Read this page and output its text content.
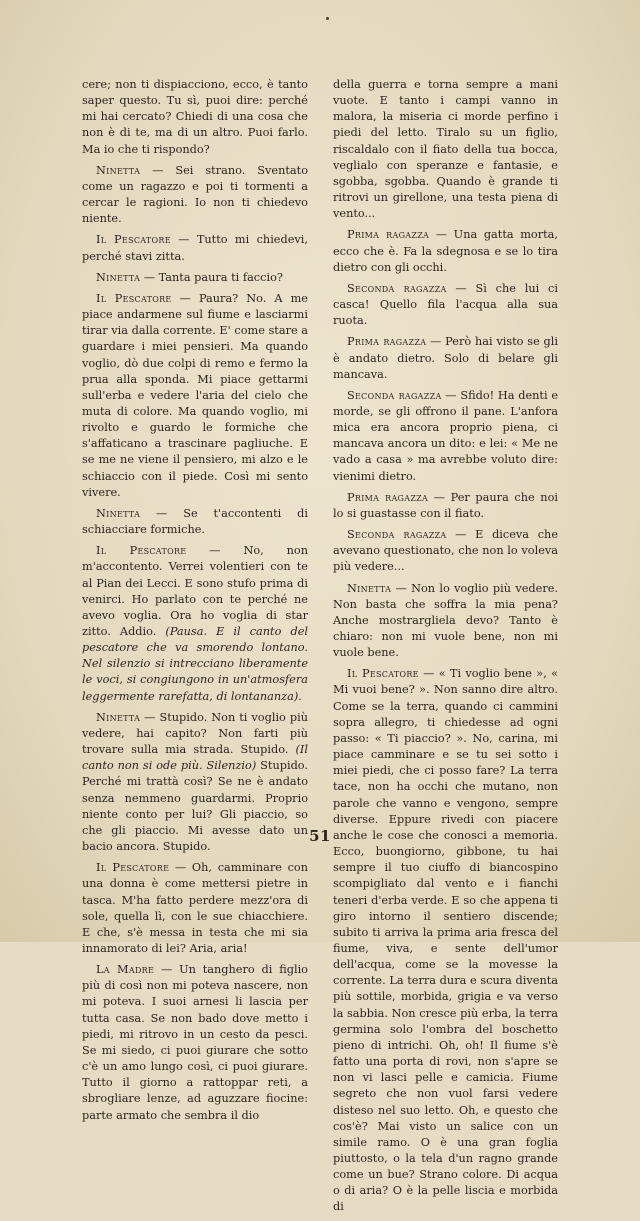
cere; non ti dispiacciono, ecco, è tanto saper questo. Tu sì, puoi dire: perché mi hai cercato? Chiedi di una cosa che non è di te, ma di un altro. Puoi farlo. Ma io che ti rispondo?

Ninetta — Sei strano. Sventato come un ragazzo e poi ti tormenti a cercar le ragioni. Io non ti chiedevo niente.

Il Pescatore — Tutto mi chiedevi, perché stavi zitta.

Ninetta — Tanta paura ti faccio?

Il Pescatore — Paura? No. A me piace andarmene sul fiume e lasciarmi tirar via dalla corrente. E' come stare a guardare i miei pensieri. Ma quando voglio, dò due colpi di remo e fermo la prua alla sponda. Mi piace gettarmi sull'erba e vedere l'aria del cielo che muta di colore. Ma quando voglio, mi rivolto e guardo le formiche che s'affaticano a trascinare pagliuche. E se me ne viene il pensiero, mi alzo e le schiaccio con il piede. Così mi sento vivere.

Ninetta — Se t'accontenti di schiacciare formiche.

Il Pescatore — No, non m'accontento. Verrei volentieri con te al Pian dei Lecci. E sono stufo prima di venirci. Ho parlato con te perché ne avevo voglia. Ora ho voglia di star zitto. Addio. (Pausa. E il canto del pescatore che va smorendo lontano. Nel silenzio si intrecciano liberamente le voci, si congiungono in un'atmosfera leggermente rarefatta, di lontananza).

Ninetta — Stupido. Non ti voglio più vedere, hai capito? Non farti più trovare sulla mia strada. Stupido. (Il canto non si ode più. Silenzio) Stupido. Perché mi trattà così? Se ne è andato senza nemmeno guardarmi. Proprio niente conto per lui? Gli piaccio, so che gli piaccio. Mi avesse dato un bacio ancora. Stupido.

Il Pescatore — Oh, camminare con una donna è come mettersi pietre in tasca. M'ha fatto perdere mezz'ora di sole, quella lì, con le sue chiacchiere. E che, s'è messa in testa che mi sia innamorato di lei? Aria, aria!

La Madre — Un tanghero di figlio più di così non mi poteva nascere, non mi poteva. I suoi arnesi li lascia per tutta casa. Se non bado dove metto i piedi, mi ritrovo in un cesto da pesci. Se mi siedo, ci puoi giurare che sotto c'è un amo lungo così, ci puoi giurare. Tutto il giorno a rattoppar reti, a sbrogliare lenze, ad aguzzare fiocine: parte armato che sembra il dio

della guerra e torna sempre a mani vuote. E tanto i campi vanno in malora, la miseria ci morde perfino i piedi del letto. Tiralo su un figlio, riscaldalo con il fiato della tua bocca, veglialo con speranze e fantasie, e sgobba, sgobba. Quando è grande ti ritrovi un girellone, una testa piena di vento...

Prima ragazza — Una gatta morta, ecco che è. Fa la sdegnosa e se lo tira dietro con gli occhi.

Seconda ragazza — Sì che lui ci casca! Quello fila l'acqua alla sua ruota.

Prima ragazza — Però hai visto se gli è andato dietro. Solo di belare gli mancava.

Seconda ragazza — Sfido! Ha denti e morde, se gli offrono il pane. L'anfora mica era ancora proprio piena, ci mancava ancora un dito: e lei: « Me ne vado a casa » ma avrebbe voluto dire: vienimi dietro.

Prima ragazza — Per paura che noi lo si guastasse con il fiato.

Seconda ragazza — E diceva che avevano questionato, che non lo voleva più vedere...

Ninetta — Non lo voglio più vedere. Non basta che soffra la mia pena? Anche mostrargliela devo? Tanto è chiaro: non mi vuole bene, non mi vuole bene.

Il Pescatore — « Ti voglio bene », « Mi vuoi bene? ». Non sanno dire altro. Come se la terra, quando ci cammini sopra allegro, ti chiedesse ad ogni passo: « Ti piaccio? ». No, carina, mi piace camminare e se tu sei sotto i miei piedi, che ci posso fare? La terra tace, non ha occhi che mutano, non parole che vanno e vengono, sempre diverse. Eppure rivedi con piacere anche le cose che conosci a memoria. Ecco, buongiorno, gibbone, tu hai sempre il tuo ciuffo di biancospino scompigliato dal vento e i fianchi teneri d'erba verde. E so che appena ti giro intorno il sentiero discende; subito ti arriva la prima aria fresca del fiume, viva, e sente dell'umor dell'acqua, come se la movesse la corrente. La terra dura e scura diventa più sottile, morbida, grigia e va verso la sabbia. Non cresce più erba, la terra germina solo l'ombra del boschetto pieno di intrichi. Oh, oh! Il fiume s'è fatto una porta di rovi, non s'apre se non vi lasci pelle e camicia. Fiume segreto che non vuol farsi vedere disteso nel suo letto. Oh, e questo che cos'è? Mai visto un salice con un simile ramo. O è una gran foglia piuttosto, o la tela d'un ragno grande come un bue? Strano colore. Di acqua o di aria? O è la pelle liscia e morbida di

51
